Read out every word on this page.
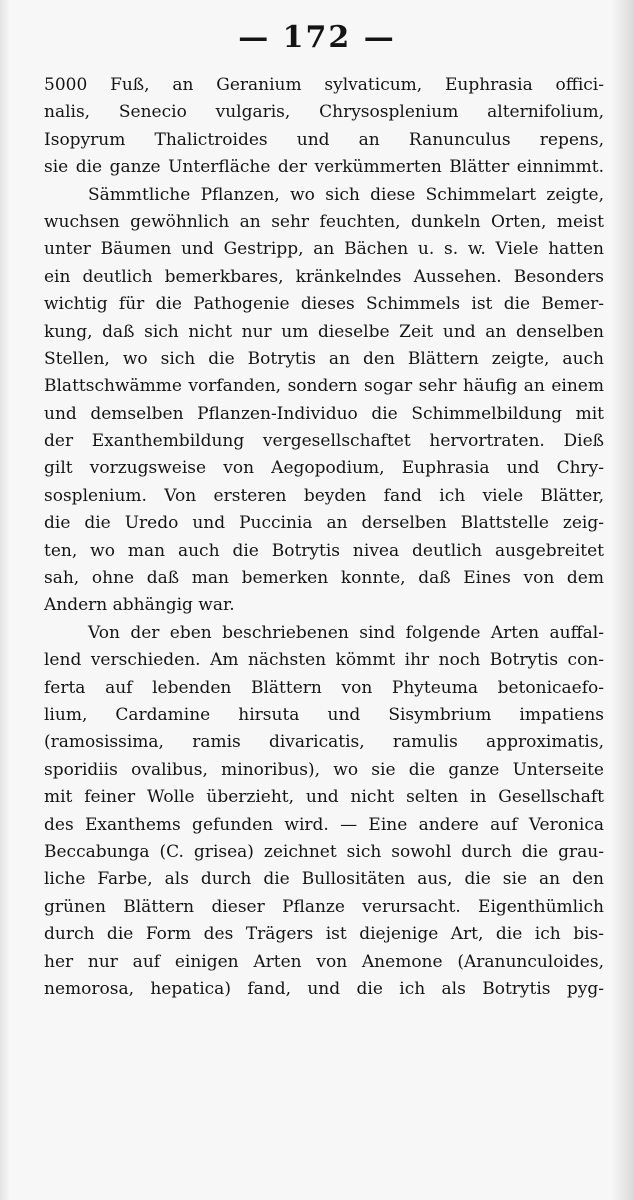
— 172 —
5000 Fuß, an Geranium sylvaticum, Euphrasia offici-
nalis, Senecio vulgaris, Chrysosplenium alternifolium,
Isopyrum Thalictroides und an Ranunculus repens,
sie die ganze Unterfläche der verkümmerten Blätter einnimmt.
Sämmtliche Pflanzen, wo sich diese Schimmelart zeigte,
wuchsen gewöhnlich an sehr feuchten, dunkeln Orten, meist
unter Bäumen und Gestripp, an Bächen u. s. w. Viele hatten
ein deutlich bemerkbares, kränkelndes Aussehen. Besonders
wichtig für die Pathogenie dieses Schimmels ist die Bemer-
kung, daß sich nicht nur um dieselbe Zeit und an denselben
Stellen, wo sich die Botrytis an den Blättern zeigte, auch
Blattschwämme vorfanden, sondern sogar sehr häufig an einem
und demselben Pflanzen-Individuo die Schimmelbildung mit
der Exanthembildung vergesellschaftet hervortraten. Dieß
gilt vorzugsweise von Aegopodium, Euphrasia und Chry-
sosplenium. Von ersteren beyden fand ich viele Blätter,
die die Uredo und Puccinia an derselben Blattstelle zeig-
ten, wo man auch die Botrytis nivea deutlich ausgebreitet
sah, ohne daß man bemerken konnte, daß Eines von dem
Andern abhängig war.
Von der eben beschriebenen sind folgende Arten auffal-
lend verschieden. Am nächsten kömmt ihr noch Botrytis con-
ferta auf lebenden Blättern von Phyteuma betonicaefo-
lium, Cardamine hirsuta und Sisymbrium impatiens
(ramosissima, ramis divaricatis, ramulis approximatis,
sporidiis ovalibus, minoribus), wo sie die ganze Unterseite
mit feiner Wolle überzieht, und nicht selten in Gesellschaft
des Exanthems gefunden wird. — Eine andere auf Veronica
Beccabunga (C. grisea) zeichnet sich sowohl durch die grau-
liche Farbe, als durch die Bullositäten aus, die sie an den
grünen Blättern dieser Pflanze verursacht. Eigenthümlich
durch die Form des Trägers ist diejenige Art, die ich bis-
her nur auf einigen Arten von Anemone (Aranunculoides,
nemorosa, hepatica) fand, und die ich als Botrytis pyg-
